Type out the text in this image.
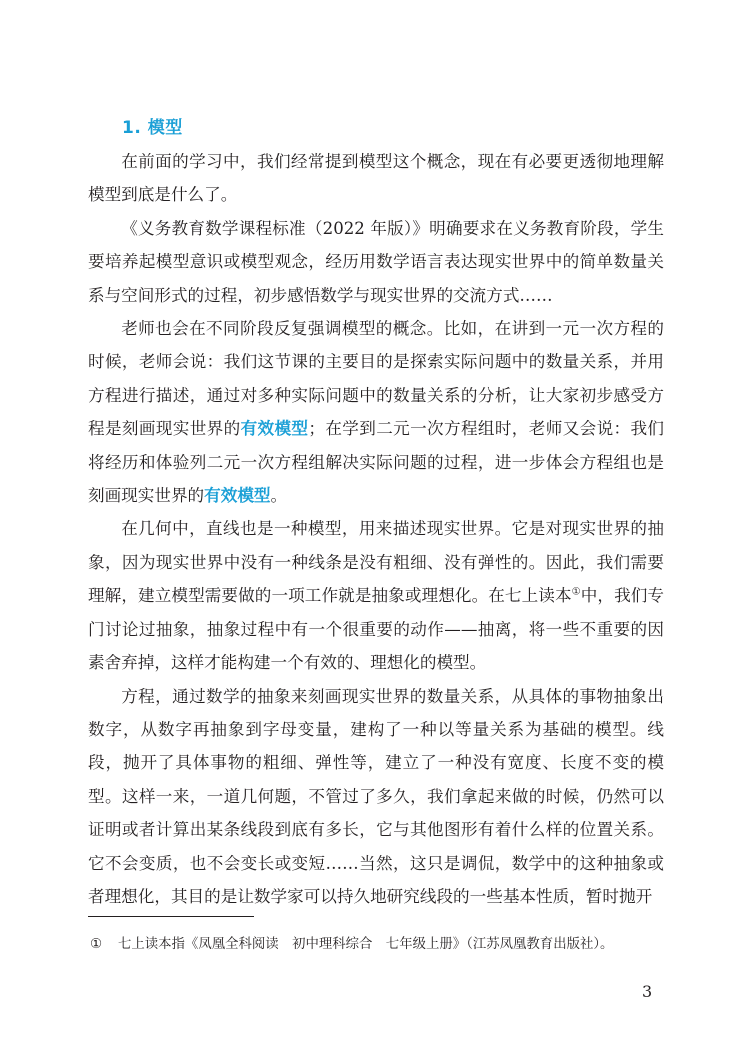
1. 模型

在前面的学习中，我们经常提到模型这个概念，现在有必要更透彻地理解模型到底是什么了。

《义务教育数学课程标准（2022 年版）》明确要求在义务教育阶段，学生要培养起模型意识或模型观念，经历用数学语言表达现实世界中的简单数量关系与空间形式的过程，初步感悟数学与现实世界的交流方式……

老师也会在不同阶段反复强调模型的概念。比如，在讲到一元一次方程的时候，老师会说：我们这节课的主要目的是探索实际问题中的数量关系，并用方程进行描述，通过对多种实际问题中的数量关系的分析，让大家初步感受方程是刻画现实世界的有效模型；在学到二元一次方程组时，老师又会说：我们将经历和体验列二元一次方程组解决实际问题的过程，进一步体会方程组也是刻画现实世界的有效模型。

在几何中，直线也是一种模型，用来描述现实世界。它是对现实世界的抽象，因为现实世界中没有一种线条是没有粗细、没有弹性的。因此，我们需要理解，建立模型需要做的一项工作就是抽象或理想化。在七上读本①中，我们专门讨论过抽象，抽象过程中有一个很重要的动作——抽离，将一些不重要的因素舍弃掉，这样才能构建一个有效的、理想化的模型。

方程，通过数学的抽象来刻画现实世界的数量关系，从具体的事物抽象出数字，从数字再抽象到字母变量，建构了一种以等量关系为基础的模型。线段，抛开了具体事物的粗细、弹性等，建立了一种没有宽度、长度不变的模型。这样一来，一道几何题，不管过了多久，我们拿起来做的时候，仍然可以证明或者计算出某条线段到底有多长，它与其他图形有着什么样的位置关系。它不会变质，也不会变长或变短……当然，这只是调侃，数学中的这种抽象或者理想化，其目的是让数学家可以持久地研究线段的一些基本性质，暂时抛开

① 七上读本指《凤凰全科阅读　初中理科综合　七年级上册》（江苏凤凰教育出版社）。
3
